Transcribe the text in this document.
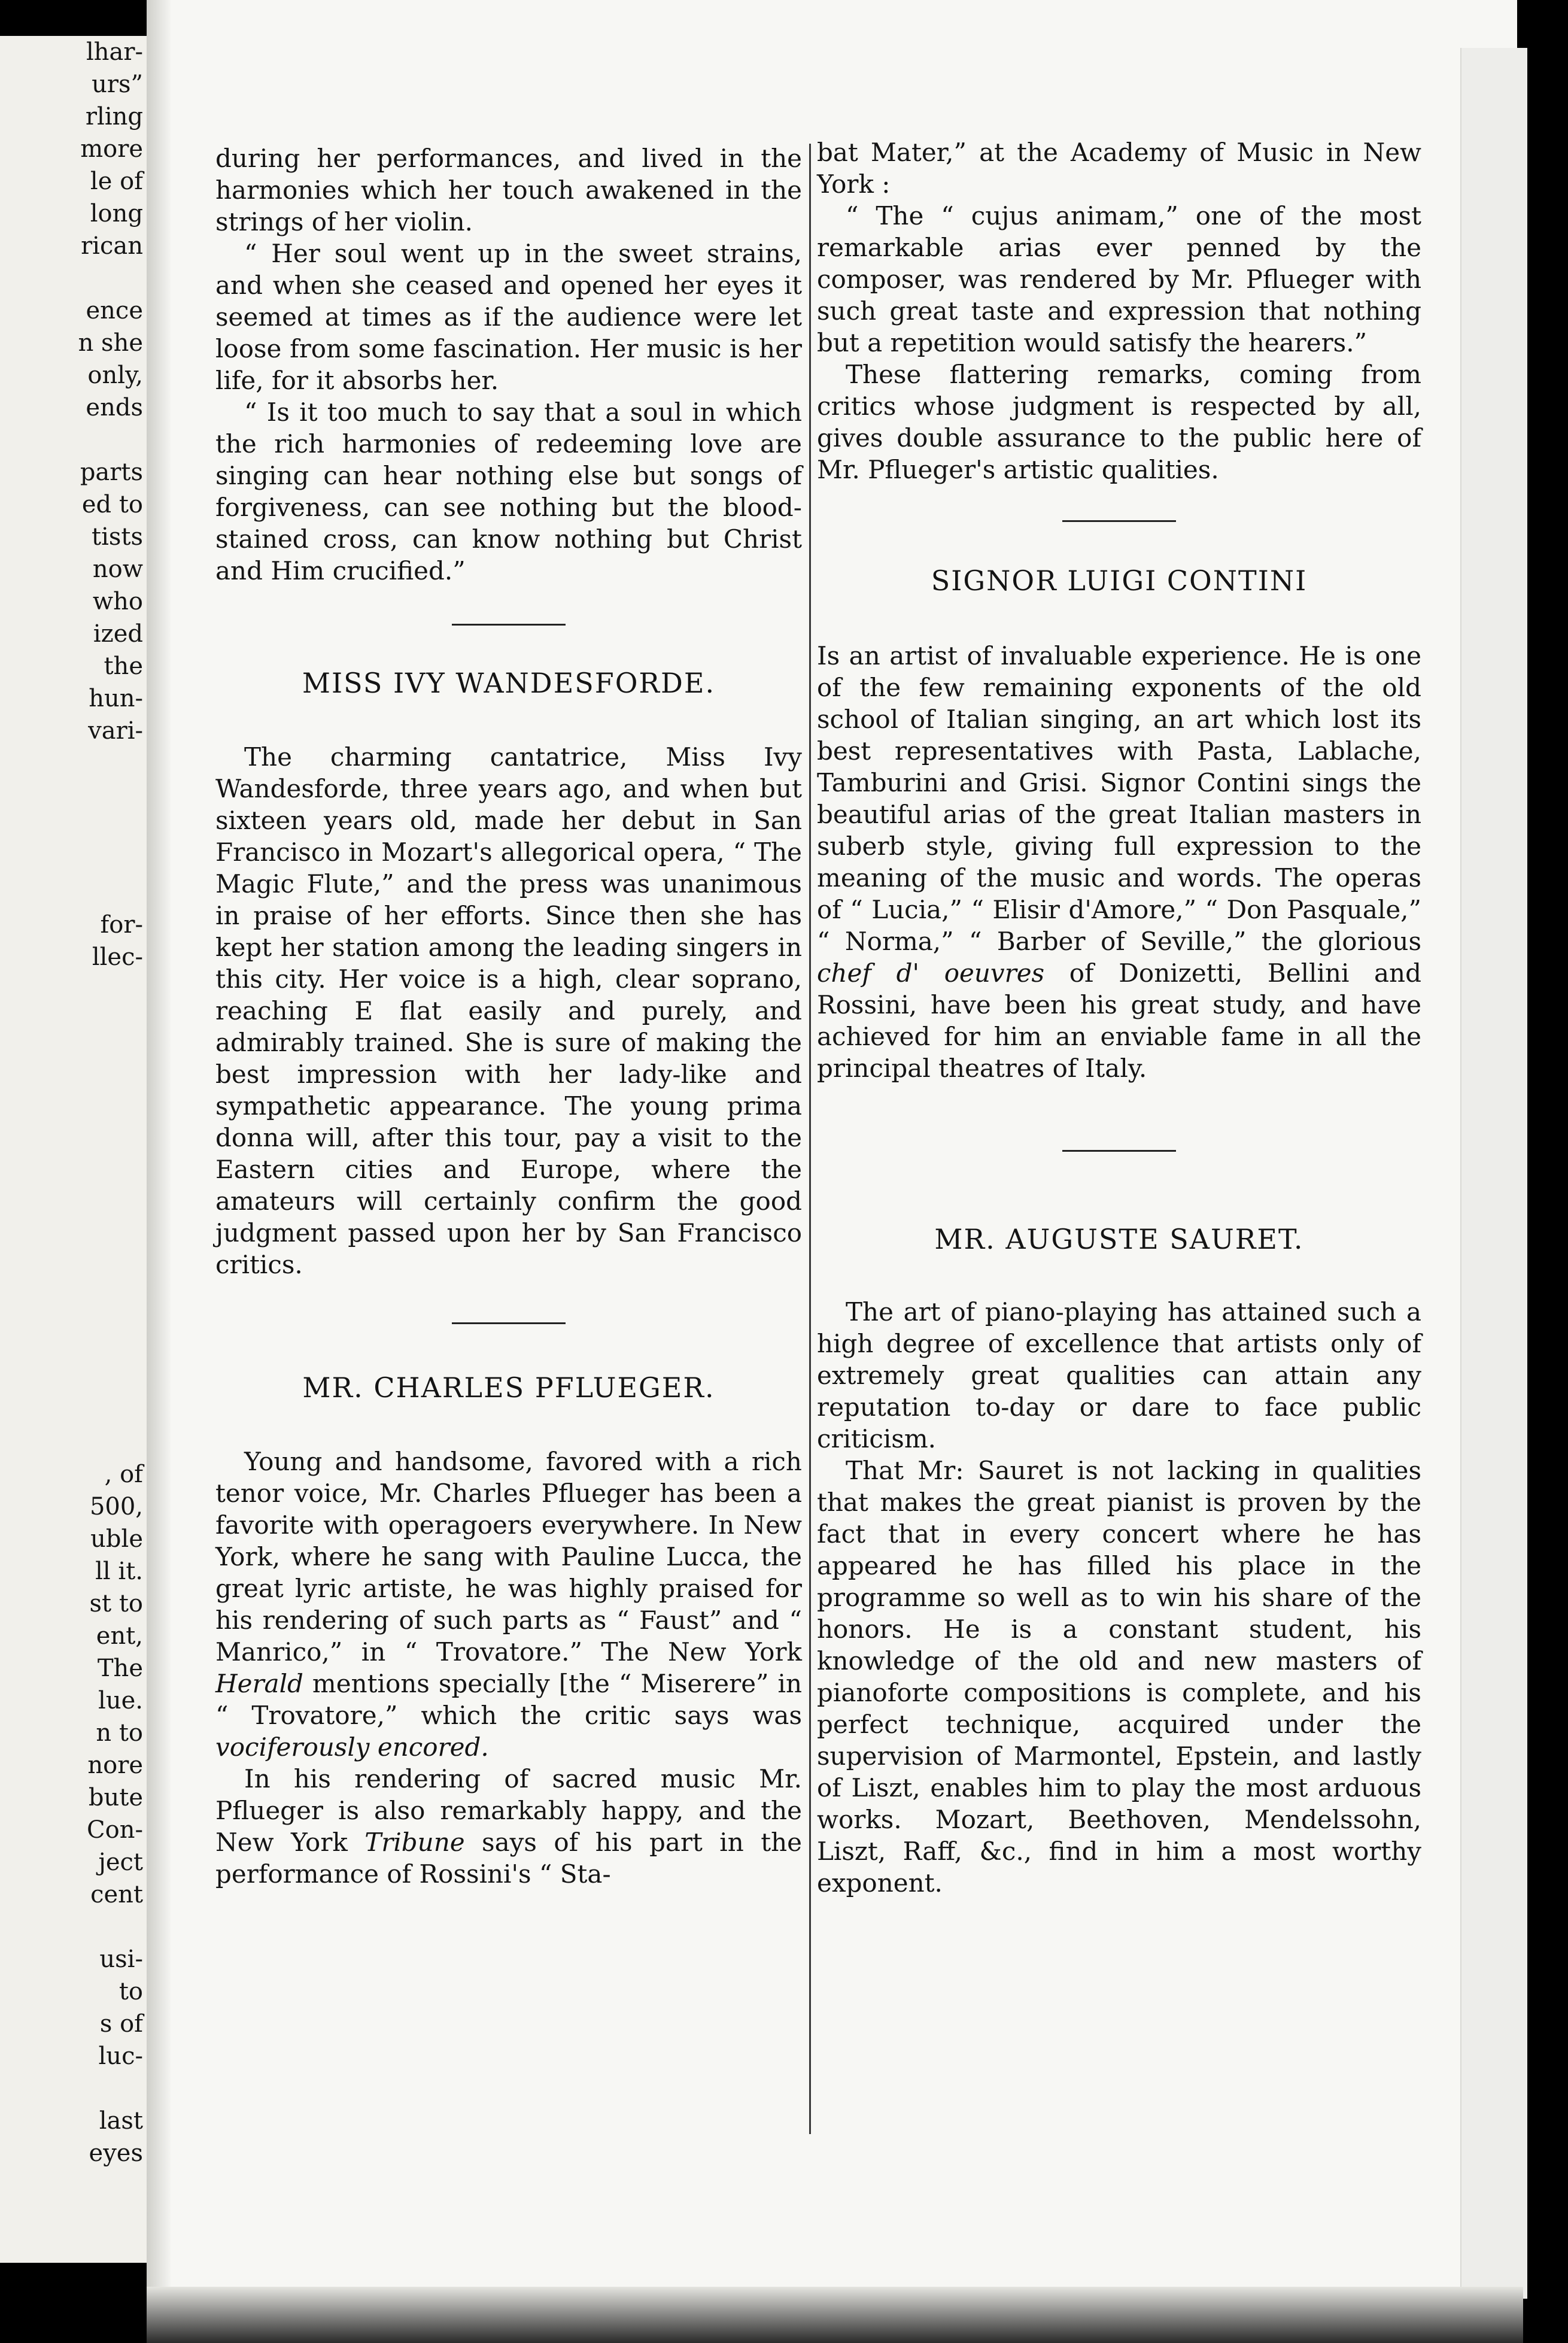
lhar-
urs”
rling
more
le of
long
rican
ence
n she
only,
ends
parts
ed to
tists
now
who
ized
the
hun-
vari-
for-
llec-
, of
500,
uble
ll it.
st to
ent,
The
lue.
n to
nore
bute
Con-
ject
cent
usi-
to
s of
luc-
last
eyes

during her performances, and lived in the harmonies which her touch awakened in the strings of her violin.

“ Her soul went up in the sweet strains, and when she ceased and opened her eyes it seemed at times as if the audience were let loose from some fascination. Her music is her life, for it absorbs her.

“ Is it too much to say that a soul in which the rich harmonies of redeeming love are singing can hear nothing else but songs of forgiveness, can see nothing but the blood-stained cross, can know nothing but Christ and Him crucified.”

MISS IVY WANDESFORDE.

The charming cantatrice, Miss Ivy Wandesforde, three years ago, and when but sixteen years old, made her debut in San Francisco in Mozart's allegorical opera, “ The Magic Flute,” and the press was unanimous in praise of her efforts. Since then she has kept her station among the leading singers in this city. Her voice is a high, clear soprano, reaching E flat easily and purely, and admirably trained. She is sure of making the best impression with her lady-like and sympathetic appearance. The young prima donna will, after this tour, pay a visit to the Eastern cities and Europe, where the amateurs will certainly confirm the good judgment passed upon her by San Francisco critics.

MR. CHARLES PFLUEGER.

Young and handsome, favored with a rich tenor voice, Mr. Charles Pflueger has been a favorite with operagoers everywhere. In New York, where he sang with Pauline Lucca, the great lyric artiste, he was highly praised for his rendering of such parts as “ Faust” and “ Manrico,” in “ Trovatore.” The New York Herald mentions specially [the “ Miserere” in “ Trovatore,” which the critic says was vociferously encored.

In his rendering of sacred music Mr. Pflueger is also remarkably happy, and the New York Tribune says of his part in the performance of Rossini's “ Sta-

bat Mater,” at the Academy of Music in New York :

“ The “ cujus animam,” one of the most remarkable arias ever penned by the composer, was rendered by Mr. Pflueger with such great taste and expression that nothing but a repetition would satisfy the hearers.”

These flattering remarks, coming from critics whose judgment is respected by all, gives double assurance to the public here of Mr. Pflueger's artistic qualities.

SIGNOR LUIGI CONTINI

Is an artist of invaluable experience. He is one of the few remaining exponents of the old school of Italian singing, an art which lost its best representatives with Pasta, Lablache, Tamburini and Grisi. Signor Contini sings the beautiful arias of the great Italian masters in suberb style, giving full expression to the meaning of the music and words. The operas of “ Lucia,” “ Elisir d'Amore,” “ Don Pasquale,” “ Norma,” “ Barber of Seville,” the glorious chef d' oeuvres of Donizetti, Bellini and Rossini, have been his great study, and have achieved for him an enviable fame in all the principal theatres of Italy.

MR. AUGUSTE SAURET.

The art of piano-playing has attained such a high degree of excellence that artists only of extremely great qualities can attain any reputation to-day or dare to face public criticism.

That Mr: Sauret is not lacking in qualities that makes the great pianist is proven by the fact that in every concert where he has appeared he has filled his place in the programme so well as to win his share of the honors. He is a constant student, his knowledge of the old and new masters of pianoforte compositions is complete, and his perfect technique, acquired under the supervision of Marmontel, Epstein, and lastly of Liszt, enables him to play the most arduous works. Mozart, Beethoven, Mendelssohn, Liszt, Raff, &c., find in him a most worthy exponent.
